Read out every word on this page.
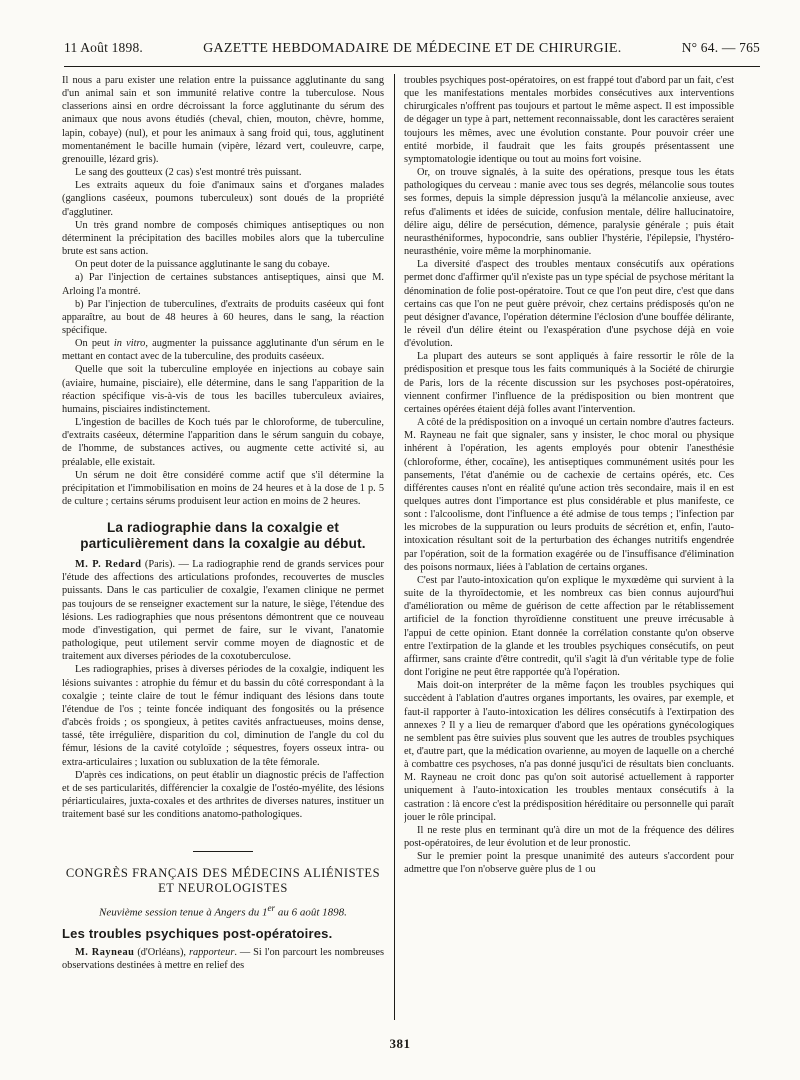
11 Août 1898.	GAZETTE HEBDOMADAIRE DE MÉDECINE ET DE CHIRURGIE.	N° 64. — 765

Il nous a paru exister une relation entre la puissance agglutinante du sang d'un animal sain et son immunité relative contre la tuberculose. Nous classerions ainsi en ordre décroissant la force agglutinante du sérum des animaux que nous avons étudiés (cheval, chien, mouton, chèvre, homme, lapin, cobaye) (nul), et pour les animaux à sang froid qui, tous, agglutinent momentanément le bacille humain (vipère, lézard vert, couleuvre, carpe, grenouille, lézard gris).

Le sang des goutteux (2 cas) s'est montré très puissant.

Les extraits aqueux du foie d'animaux sains et d'organes malades (ganglions caséeux, poumons tuberculeux) sont doués de la propriété d'agglutiner.

Un très grand nombre de composés chimiques antiseptiques ou non déterminent la précipitation des bacilles mobiles alors que la tuberculine brute est sans action.

On peut doter de la puissance agglutinante le sang du cobaye.

a) Par l'injection de certaines substances antiseptiques, ainsi que M. Arloing l'a montré.

b) Par l'injection de tuberculines, d'extraits de produits caséeux qui font apparaître, au bout de 48 heures à 60 heures, dans le sang, la réaction spécifique.

On peut in vitro, augmenter la puissance agglutinante d'un sérum en le mettant en contact avec de la tuberculine, des produits caséeux.

Quelle que soit la tuberculine employée en injections au cobaye sain (aviaire, humaine, pisciaire), elle détermine, dans le sang l'apparition de la réaction spécifique vis-à-vis de tous les bacilles tuberculeux aviaires, humains, pisciaires indistinctement.

L'ingestion de bacilles de Koch tués par le chloroforme, de tuberculine, d'extraits caséeux, détermine l'apparition dans le sérum sanguin du cobaye, de l'homme, de substances actives, ou augmente cette activité si, au préalable, elle existait.

Un sérum ne doit être considéré comme actif que s'il détermine la précipitation et l'immobilisation en moins de 24 heures et à la dose de 1 p. 5 de culture ; certains sérums produisent leur action en moins de 2 heures.

La radiographie dans la coxalgie et particulièrement dans la coxalgie au début.

M. P. Redard (Paris). — La radiographie rend de grands services pour l'étude des affections des articulations profondes, recouvertes de muscles puissants. Dans le cas particulier de coxalgie, l'examen clinique ne permet pas toujours de se renseigner exactement sur la nature, le siège, l'étendue des lésions. Les radiographies que nous présentons démontrent que ce nouveau mode d'investigation, qui permet de faire, sur le vivant, l'anatomie pathologique, peut utilement servir comme moyen de diagnostic et de traitement aux diverses périodes de la coxotuberculose.

Les radiographies, prises à diverses périodes de la coxalgie, indiquent les lésions suivantes : atrophie du fémur et du bassin du côté correspondant à la coxalgie ; teinte claire de tout le fémur indiquant des lésions dans toute l'étendue de l'os ; teinte foncée indiquant des fongosités ou la présence d'abcès froids ; os spongieux, à petites cavités anfractueuses, moins dense, tassé, tête irrégulière, disparition du col, diminution de l'angle du col du fémur, lésions de la cavité cotyloïde ; séquestres, foyers osseux intra- ou extra-articulaires ; luxation ou subluxation de la tête fémorale.

D'après ces indications, on peut établir un diagnostic précis de l'affection et de ses particularités, différencier la coxalgie de l'ostéo-myélite, des lésions périarticulaires, juxta-coxales et des arthrites de diverses natures, instituer un traitement basé sur les conditions anatomo-pathologiques.

CONGRÈS FRANÇAIS DES MÉDECINS ALIÉNISTES ET NEUROLOGISTES
Neuvième session tenue à Angers du 1er au 6 août 1898.
Les troubles psychiques post-opératoires.

M. Rayneau (d'Orléans), rapporteur. — Si l'on parcourt les nombreuses observations destinées à mettre en relief des

troubles psychiques post-opératoires, on est frappé tout d'abord par un fait, c'est que les manifestations mentales morbides consécutives aux interventions chirurgicales n'offrent pas toujours et partout le même aspect. Il est impossible de dégager un type à part, nettement reconnaissable, dont les caractères seraient toujours les mêmes, avec une évolution constante. Pour pouvoir créer une entité morbide, il faudrait que les faits groupés présentassent une symptomatologie identique ou tout au moins fort voisine.

Or, on trouve signalés, à la suite des opérations, presque tous les états pathologiques du cerveau : manie avec tous ses degrés, mélancolie sous toutes ses formes, depuis la simple dépression jusqu'à la mélancolie anxieuse, avec refus d'aliments et idées de suicide, confusion mentale, délire hallucinatoire, délire aigu, délire de persécution, démence, paralysie générale ; puis était neurasthéniformes, hypocondrie, sans oublier l'hystérie, l'épilepsie, l'hystéro-neurasthénie, voire même la morphinomanie.

La diversité d'aspect des troubles mentaux consécutifs aux opérations permet donc d'affirmer qu'il n'existe pas un type spécial de psychose méritant la dénomination de folie post-opératoire. Tout ce que l'on peut dire, c'est que dans certains cas que l'on ne peut guère prévoir, chez certains prédisposés qu'on ne peut désigner d'avance, l'opération détermine l'éclosion d'une bouffée délirante, le réveil d'un délire éteint ou l'exaspération d'une psychose déjà en voie d'évolution.

La plupart des auteurs se sont appliqués à faire ressortir le rôle de la prédisposition et presque tous les faits communiqués à la Société de chirurgie de Paris, lors de la récente discussion sur les psychoses post-opératoires, viennent confirmer l'influence de la prédisposition ou bien montrent que certaines opérées étaient déjà folles avant l'intervention.

A côté de la prédisposition on a invoqué un certain nombre d'autres facteurs. M. Rayneau ne fait que signaler, sans y insister, le choc moral ou physique inhérent à l'opération, les agents employés pour obtenir l'anesthésie (chloroforme, éther, cocaïne), les antiseptiques communément usités pour les pansements, l'état d'anémie ou de cachexie de certains opérés, etc. Ces différentes causes n'ont en réalité qu'une action très secondaire, mais il en est quelques autres dont l'importance est plus considérable et plus manifeste, ce sont : l'alcoolisme, dont l'influence a été admise de tous temps ; l'infection par les microbes de la suppuration ou leurs produits de sécrétion et, enfin, l'auto-intoxication résultant soit de la perturbation des échanges nutritifs engendrée par l'opération, soit de la formation exagérée ou de l'insuffisance d'élimination des poisons normaux, liées à l'ablation de certains organes.

C'est par l'auto-intoxication qu'on explique le myxœdème qui survient à la suite de la thyroïdectomie, et les nombreux cas bien connus aujourd'hui d'amélioration ou même de guérison de cette affection par le rétablissement artificiel de la fonction thyroïdienne constituent une preuve irrécusable à l'appui de cette opinion. Etant donnée la corrélation constante qu'on observe entre l'extirpation de la glande et les troubles psychiques consécutifs, on peut affirmer, sans crainte d'être contredit, qu'il s'agit là d'un véritable type de folie dont l'origine ne peut être rapportée qu'à l'opération.

Mais doit-on interpréter de la même façon les troubles psychiques qui succèdent à l'ablation d'autres organes importants, les ovaires, par exemple, et faut-il rapporter à l'auto-intoxication les délires consécutifs à l'extirpation des annexes ? Il y a lieu de remarquer d'abord que les opérations gynécologiques ne semblent pas être suivies plus souvent que les autres de troubles psychiques et, d'autre part, que la médication ovarienne, au moyen de laquelle on a cherché à combattre ces psychoses, n'a pas donné jusqu'ici de résultats bien concluants. M. Rayneau ne croit donc pas qu'on soit autorisé actuellement à rapporter uniquement à l'auto-intoxication les troubles mentaux consécutifs à la castration : là encore c'est la prédisposition héréditaire ou personnelle qui paraît jouer le rôle principal.

Il ne reste plus en terminant qu'à dire un mot de la fréquence des délires post-opératoires, de leur évolution et de leur pronostic.

Sur le premier point la presque unanimité des auteurs s'accordent pour admettre que l'on n'observe guère plus de 1 ou

381
